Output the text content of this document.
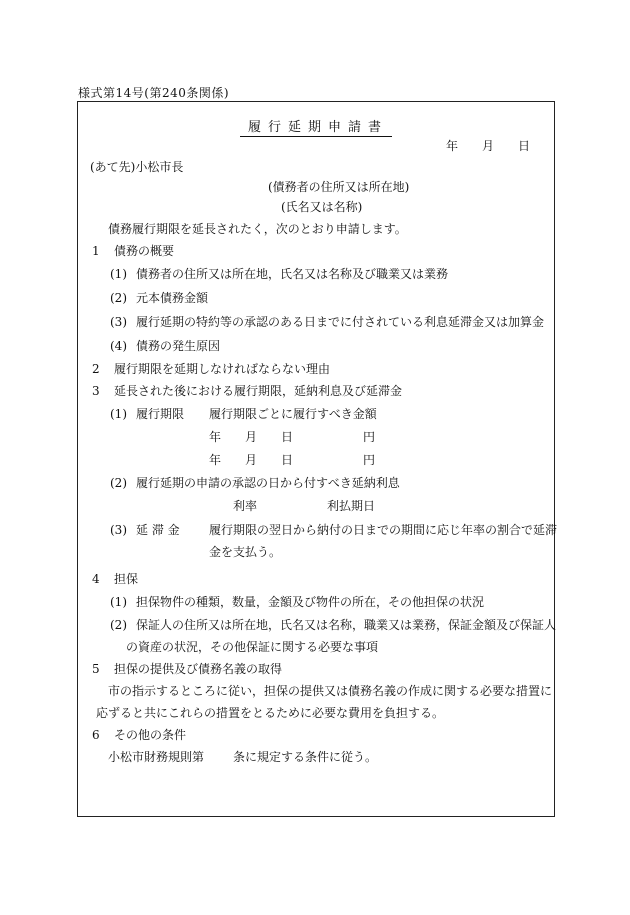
様式第14号(第240条関係)
履行延期申請書
年 月 日
(あて先)小松市長
(債務者の住所又は所在地)
(氏名又は名称)
債務履行期限を延長されたく，次のとおり申請します。
1 債務の概要
(1) 債務者の住所又は所在地，氏名又は名称及び職業又は業務
(2) 元本債務金額
(3) 履行延期の特約等の承認のある日までに付されている利息延滞金又は加算金
(4) 債務の発生原因
2 履行期限を延期しなければならない理由
3 延長された後における履行期限，延納利息及び延滞金
(1) 履行期限 履行期限ごとに履行すべき金額
年 月 日	円
年 月 日	円
(2) 履行延期の申請の承認の日から付すべき延納利息
利率	利払期日
(3) 延 滞 金 履行期限の翌日から納付の日までの期間に応じ年率の割合で延滞
金を支払う。
4 担保
(1) 担保物件の種類，数量，金額及び物件の所在，その他担保の状況
(2) 保証人の住所又は所在地，氏名又は名称，職業又は業務，保証金額及び保証人
の資産の状況，その他保証に関する必要な事項
5 担保の提供及び債務名義の取得
市の指示するところに従い，担保の提供又は債務名義の作成に関する必要な措置に
応ずると共にこれらの措置をとるために必要な費用を負担する。
6 その他の条件
小松市財務規則第 条に規定する条件に従う。
